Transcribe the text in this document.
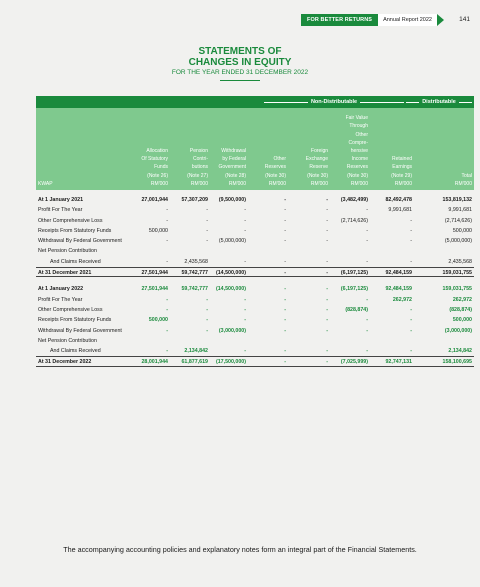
FOR BETTER RETURNS	Annual Report 2022	141
STATEMENTS OF
CHANGES IN EQUITY
FOR THE YEAR ENDED 31 DECEMBER 2022
Non-Distributable	Distributable
KWAP
Allocation
Of Statutory
Funds
(Note 26)
RM'000
Pension
Contri-
butions
(Note 27)
RM'000
Withdrawal
by Federal
Government
(Note 28)
RM'000
Other
Reserves
(Note 30)
RM'000
Foreign
Exchange
Reserve
(Note 30)
RM'000
Fair Value
Through
Other
Compre-
hensive
Income
Reserves
(Note 30)
RM'000
Retained
Earnings
(Note 29)
RM'000
Total
RM'000
At 1 January 2021	27,001,944	57,307,209	(9,500,000)	-	-	(3,482,499)	82,492,478	153,819,132
Profit For The Year	-	-	-	-	-	-	9,991,681	9,991,681
Other Comprehensive Loss	-	-	-	-	-	(2,714,626)	-	(2,714,626)
Receipts From Statutory Funds	500,000	-	-	-	-	-	-	500,000
Withdrawal By Federal Government	-	-	(5,000,000)	-	-	-	-	(5,000,000)
Net Pension Contribution
And Claims Received	-	2,435,568	-	-	-	-	-	2,435,568
At 31 December 2021	27,501,944	59,742,777	(14,500,000)	-	-	(6,197,125)	92,484,159	159,031,755
At 1 January 2022	27,501,944	59,742,777	(14,500,000)	-	-	(6,197,125)	92,484,159	159,031,755
Profit For The Year	-	-	-	-	-	-	262,972	262,972
Other Comprehensive Loss	-	-	-	-	-	(828,874)	-	(828,874)
Receipts From Statutory Funds	500,000	-	-	-	-	-	-	500,000
Withdrawal By Federal Government	-	-	(3,000,000)	-	-	-	-	(3,000,000)
Net Pension Contribution
And Claims Received	-	2,134,842	-	-	-	-	-	2,134,842
At 31 December 2022	28,001,944	61,877,619	(17,500,000)	-	-	(7,025,999)	92,747,131	158,100,695
The accompanying accounting policies and explanatory notes form an integral part of the Financial Statements.
